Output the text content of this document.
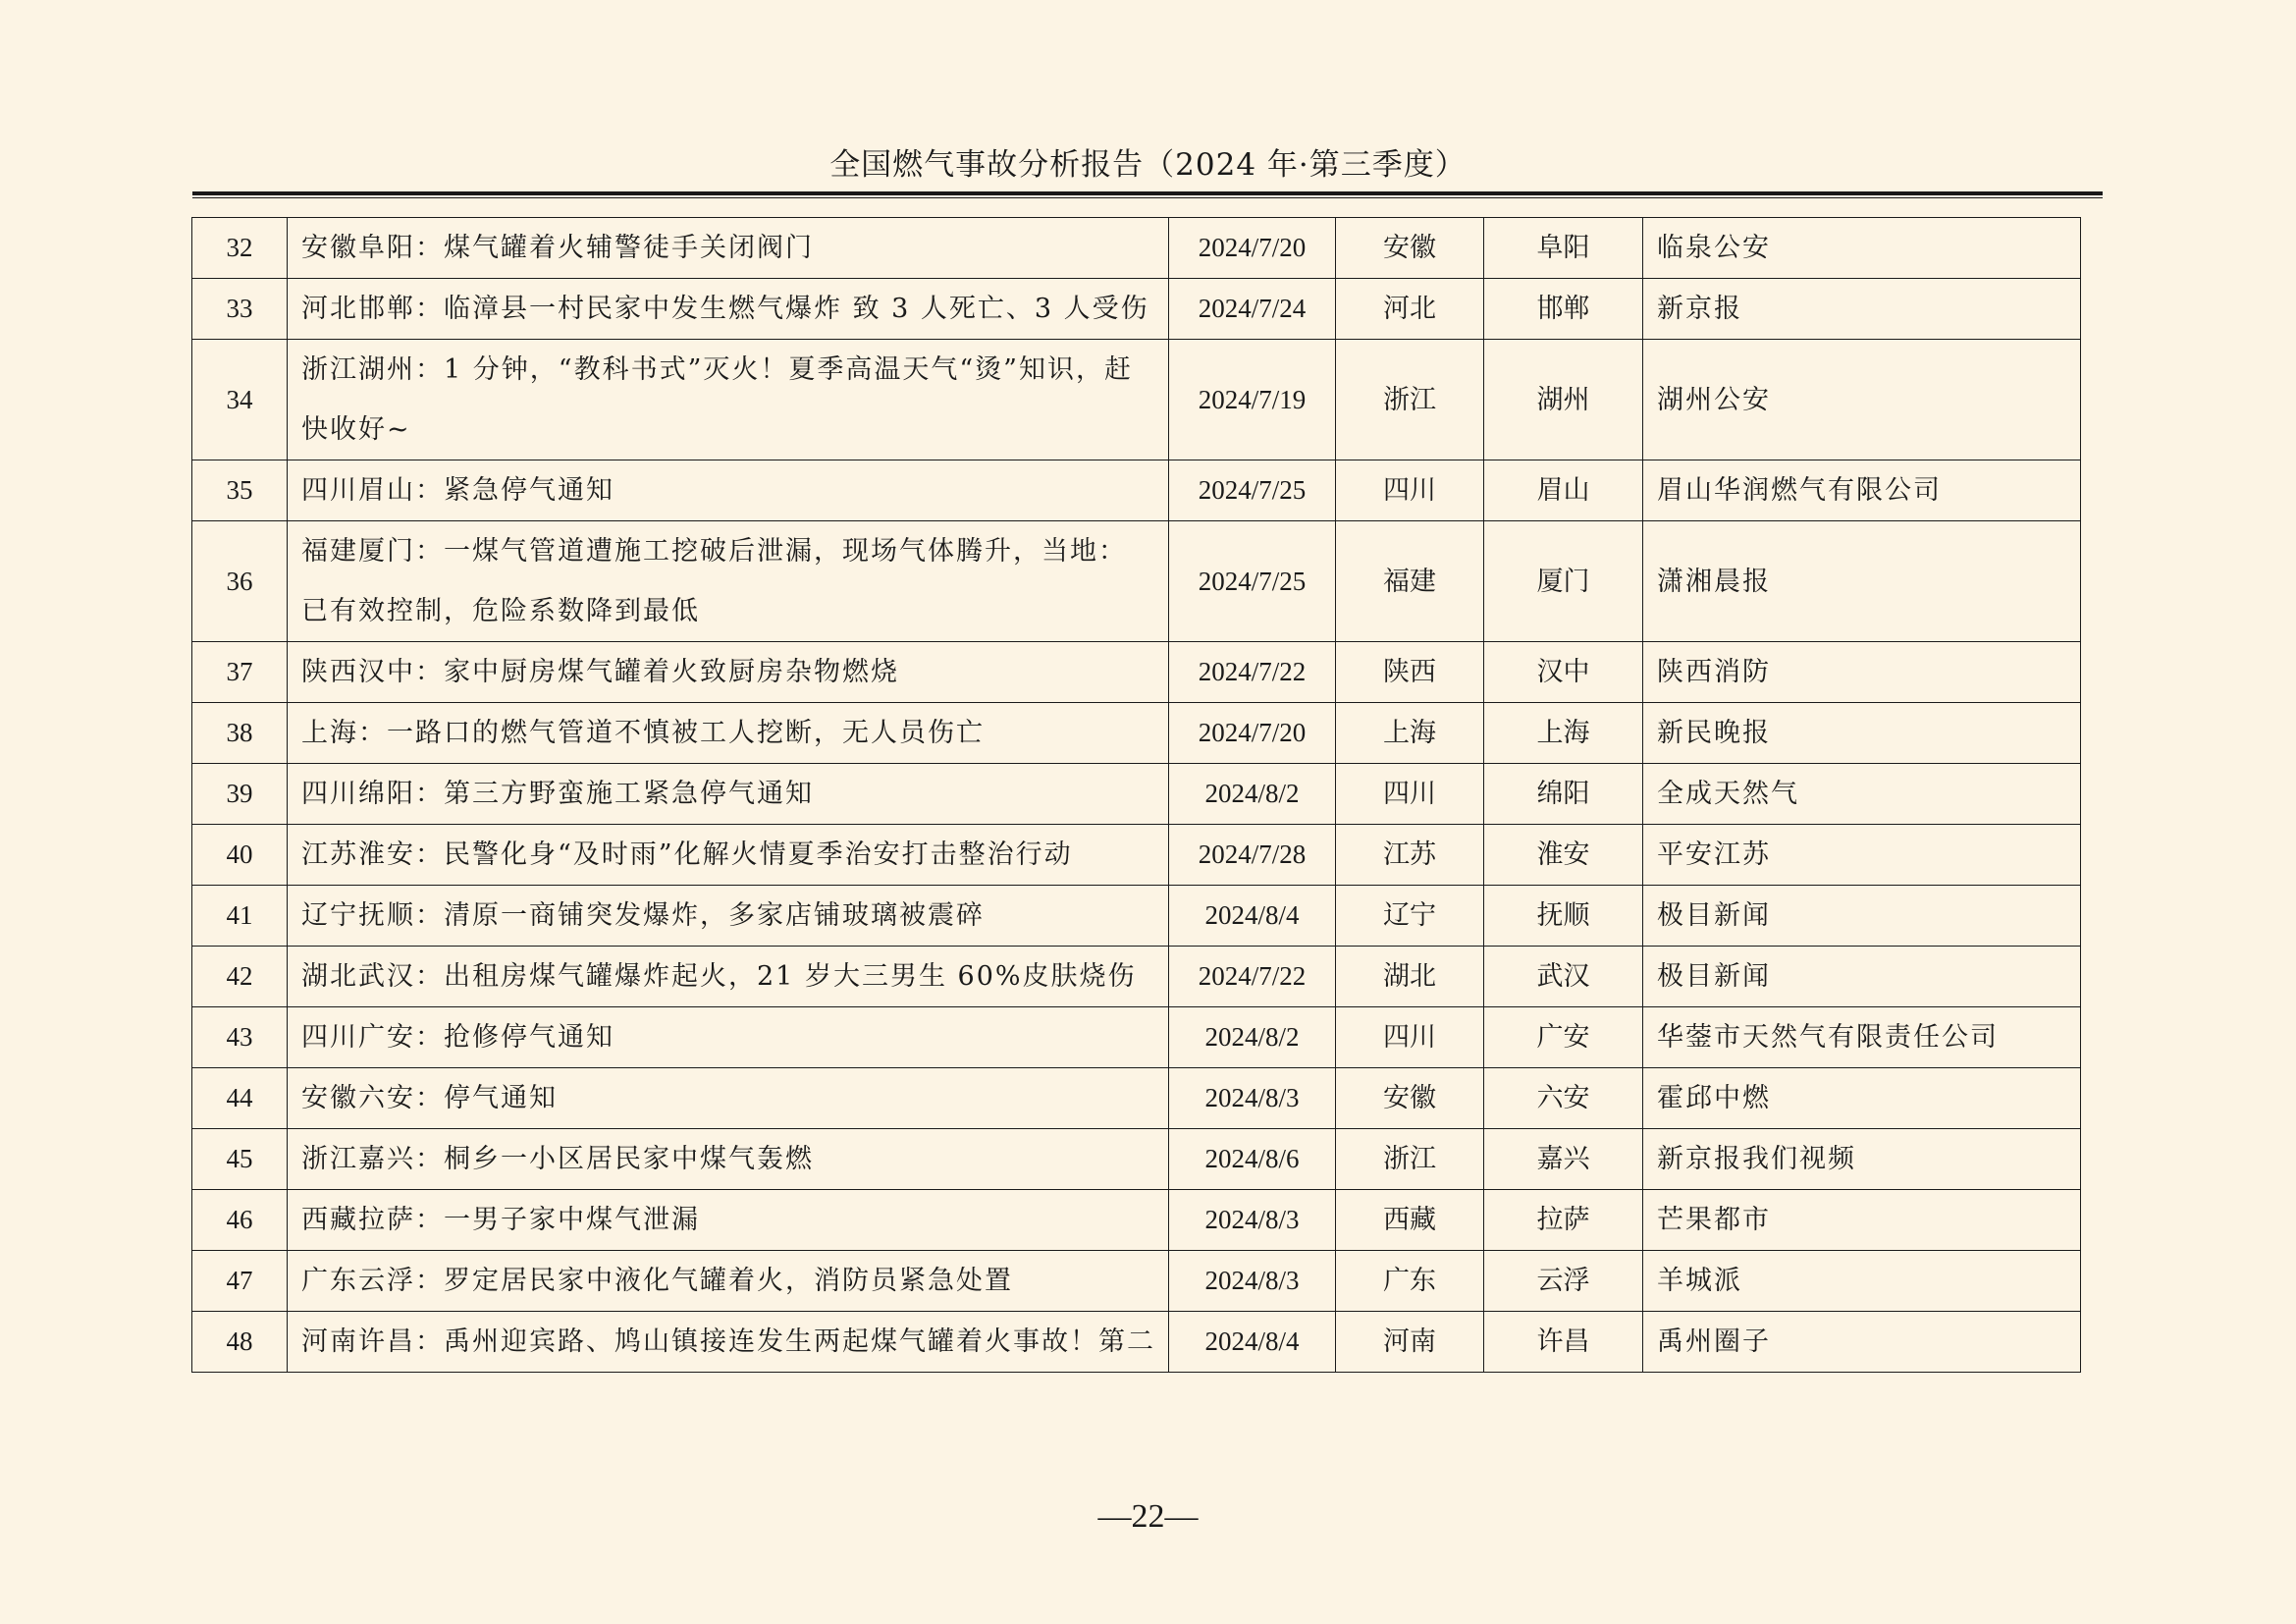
全国燃气事故分析报告（2024 年·第三季度）
32	安徽阜阳：煤气罐着火辅警徒手关闭阀门	2024/7/20	安徽	阜阳	临泉公安
33	河北邯郸：临漳县一村民家中发生燃气爆炸 致 3 人死亡、3 人受伤	2024/7/24	河北	邯郸	新京报
34	浙江湖州：1 分钟，“教科书式”灭火！夏季高温天气“烫”知识，赶快收好~	2024/7/19	浙江	湖州	湖州公安
35	四川眉山：紧急停气通知	2024/7/25	四川	眉山	眉山华润燃气有限公司
36	福建厦门：一煤气管道遭施工挖破后泄漏，现场气体腾升，当地：已有效控制，危险系数降到最低	2024/7/25	福建	厦门	潇湘晨报
37	陕西汉中：家中厨房煤气罐着火致厨房杂物燃烧	2024/7/22	陕西	汉中	陕西消防
38	上海：一路口的燃气管道不慎被工人挖断，无人员伤亡	2024/7/20	上海	上海	新民晚报
39	四川绵阳：第三方野蛮施工紧急停气通知	2024/8/2	四川	绵阳	全成天然气
40	江苏淮安：民警化身“及时雨”化解火情夏季治安打击整治行动	2024/7/28	江苏	淮安	平安江苏
41	辽宁抚顺：清原一商铺突发爆炸，多家店铺玻璃被震碎	2024/8/4	辽宁	抚顺	极目新闻
42	湖北武汉：出租房煤气罐爆炸起火，21 岁大三男生 60%皮肤烧伤	2024/7/22	湖北	武汉	极目新闻
43	四川广安：抢修停气通知	2024/8/2	四川	广安	华蓥市天然气有限责任公司
44	安徽六安：停气通知	2024/8/3	安徽	六安	霍邱中燃
45	浙江嘉兴：桐乡一小区居民家中煤气轰燃	2024/8/6	浙江	嘉兴	新京报我们视频
46	西藏拉萨：一男子家中煤气泄漏	2024/8/3	西藏	拉萨	芒果都市
47	广东云浮：罗定居民家中液化气罐着火，消防员紧急处置	2024/8/3	广东	云浮	羊城派
48	河南许昌：禹州迎宾路、鸠山镇接连发生两起煤气罐着火事故！第二	2024/8/4	河南	许昌	禹州圈子
—22—
